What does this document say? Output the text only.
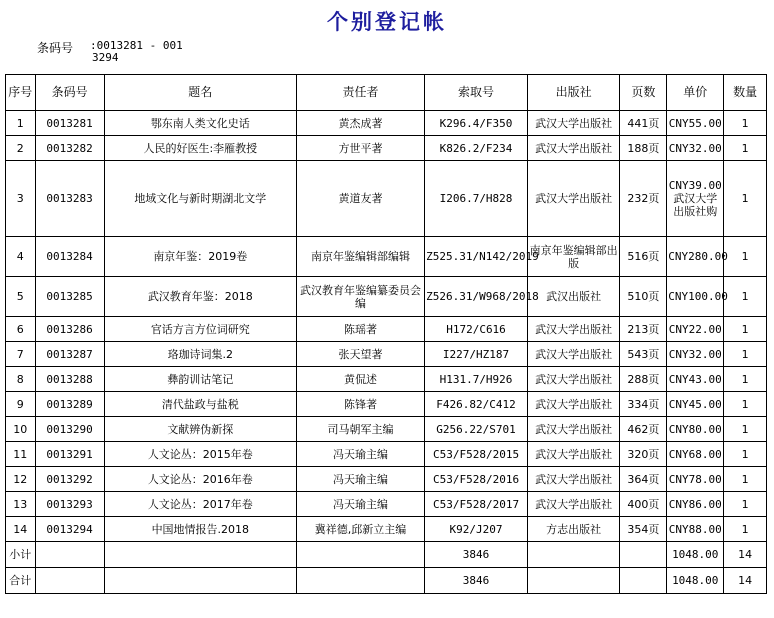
个别登记帐
条码号 :0013281 - 001
3294
序号	条码号	题名	责任者	索取号	出版社	页数	单价	数量
1	0013281	鄂东南人类文化史话	黄杰成著	K296.4/F350	武汉大学出版社	441页	CNY55.00	1
2	0013282	人民的好医生:李雁教授	方世平著	K826.2/F234	武汉大学出版社	188页	CNY32.00	1
3	0013283	地域文化与新时期湖北文学	黄道友著	I206.7/H828	武汉大学出版社	232页	CNY39.00 武汉大学出版社购	1
4	0013284	南京年鉴：2019卷	南京年鉴编辑部编辑	Z525.31/N142/2019	南京年鉴编辑部出版	516页	CNY280.00	1
5	0013285	武汉教育年鉴：2018	武汉教育年鉴编纂委员会编	Z526.31/W968/2018	武汉出版社	510页	CNY100.00	1
6	0013286	官话方言方位词研究	陈瑶著	H172/C616	武汉大学出版社	213页	CNY22.00	1
7	0013287	珞珈诗词集.2	张天望著	I227/HZ187	武汉大学出版社	543页	CNY32.00	1
8	0013288	彝韵训诂笔记	黄侃述	H131.7/H926	武汉大学出版社	288页	CNY43.00	1
9	0013289	清代盐政与盐税	陈锋著	F426.82/C412	武汉大学出版社	334页	CNY45.00	1
10	0013290	文献辨伪新探	司马朝军主编	G256.22/S701	武汉大学出版社	462页	CNY80.00	1
11	0013291	人文论丛：2015年卷	冯天瑜主编	C53/F528/2015	武汉大学出版社	320页	CNY68.00	1
12	0013292	人文论丛：2016年卷	冯天瑜主编	C53/F528/2016	武汉大学出版社	364页	CNY78.00	1
13	0013293	人文论丛：2017年卷	冯天瑜主编	C53/F528/2017	武汉大学出版社	400页	CNY86.00	1
14	0013294	中国地情报告.2018	冀祥德,邱新立主编	K92/J207	方志出版社	354页	CNY88.00	1
小计				3846			1048.00	14
合计				3846			1048.00	14
